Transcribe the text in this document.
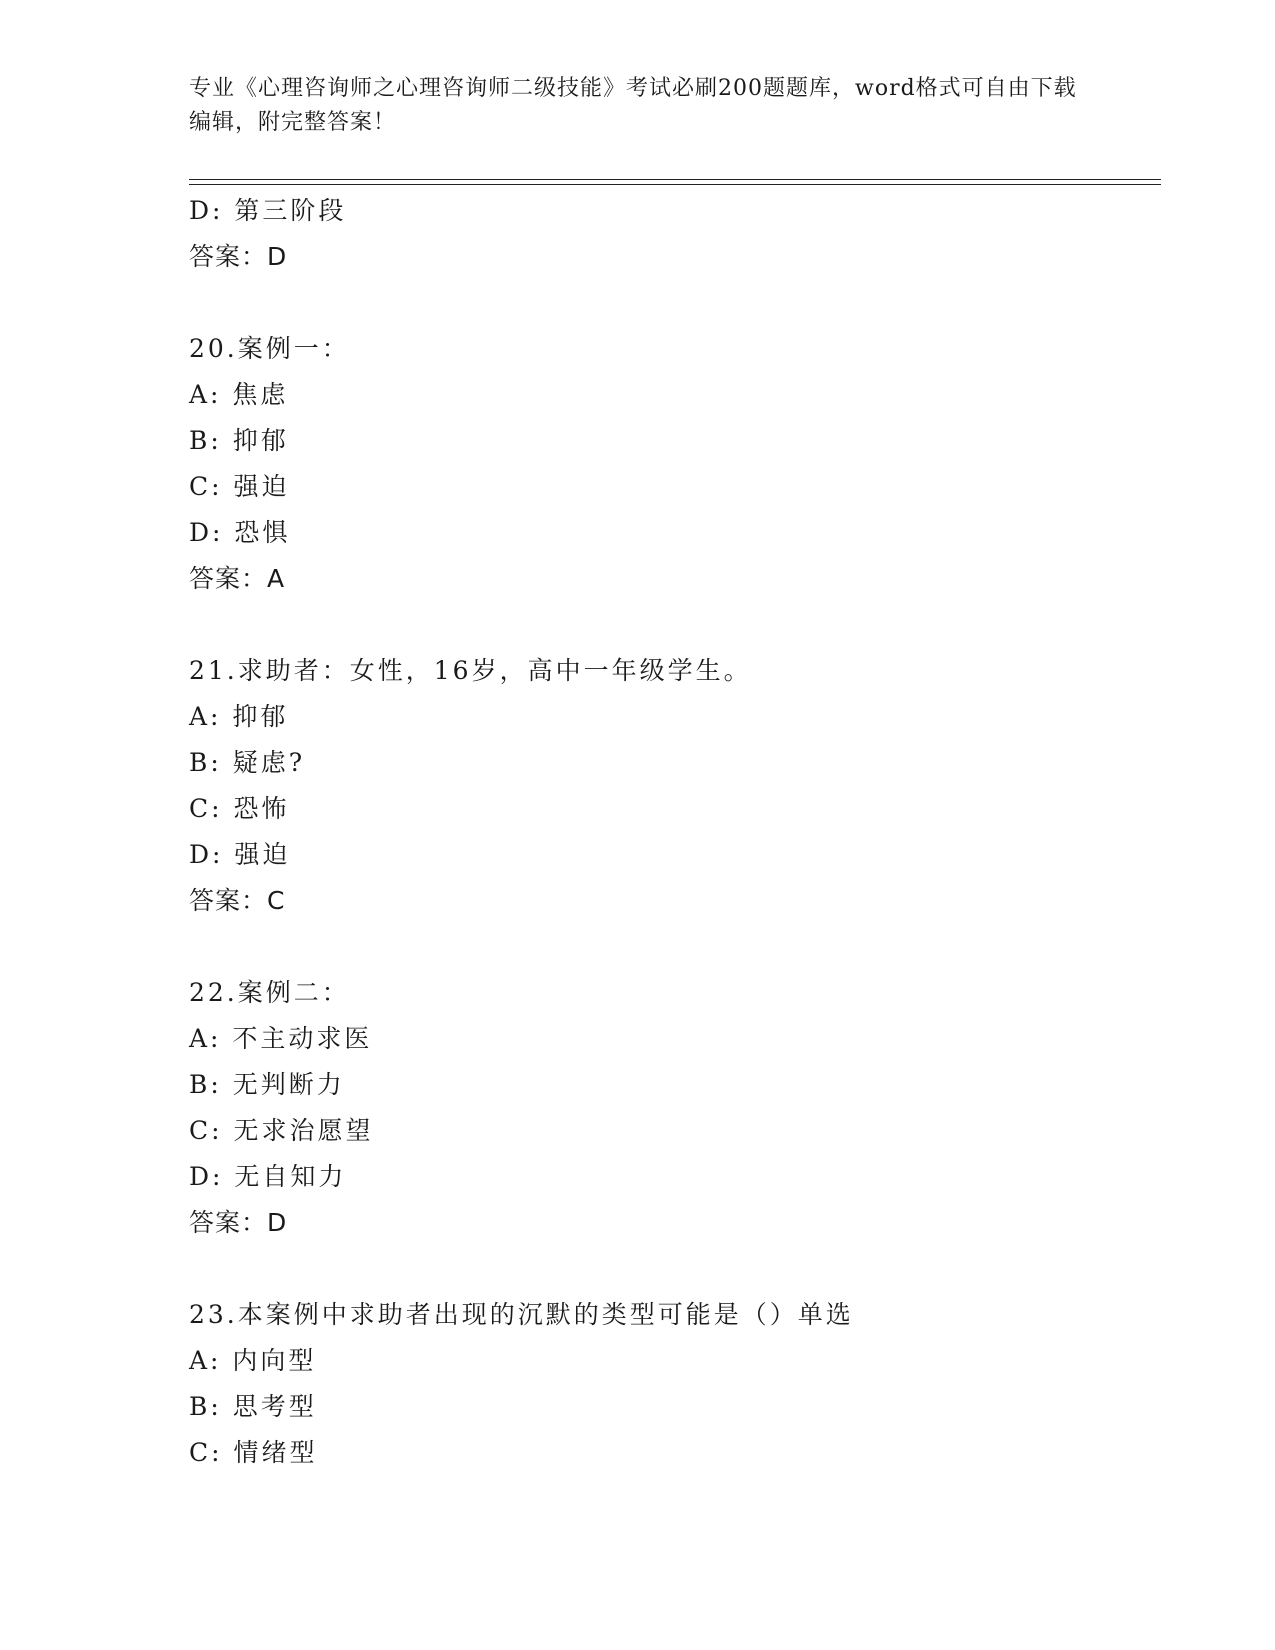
专业《心理咨询师之心理咨询师二级技能》考试必刷200题题库，word格式可自由下载编辑，附完整答案！

D: 第三阶段
答案：D
20.案例一：
A: 焦虑
B: 抑郁
C: 强迫
D: 恐惧
答案：A
21.求助者：女性，16岁，高中一年级学生。
A: 抑郁
B: 疑虑?
C: 恐怖
D: 强迫
答案：C
22.案例二：
A: 不主动求医
B: 无判断力
C: 无求治愿望
D: 无自知力
答案：D
23.本案例中求助者出现的沉默的类型可能是（）单选
A: 内向型
B: 思考型
C: 情绪型
